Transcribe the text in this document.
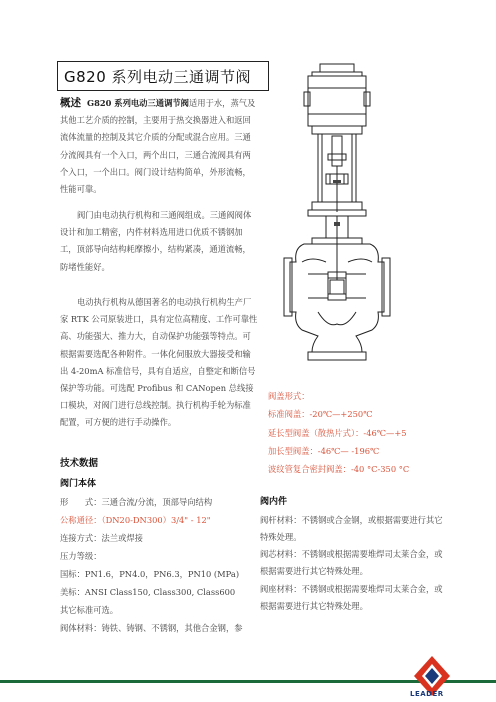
G820 系列电动三通调节阀
概述 G820 系列电动三通调节阀适用于水，蒸气及其他工艺介质的控制，主要用于热交换器进入和返回流体流量的控制及其它介质的分配或混合应用。三通分流阀具有一个入口，两个出口，三通合流阀具有两个入口，一个出口。阀门设计结构简单，外形流畅，性能可靠。
阀门由电动执行机构和三通阀组成。三通阀阀体设计和加工精密，内件材料选用进口优质不锈钢加工，顶部导向结构耗摩擦小，结构紧凑，通道流畅，防堵性能好。
电动执行机构从德国著名的电动执行机构生产厂家 RTK 公司原装进口，具有定位高精度、工作可靠性高、功能强大、推力大，自动保护功能强等特点。可根据需要选配各种附件。一体化伺服放大器接受和输出 4-20mA 标准信号，具有自适应，自整定和断信号保护等功能。可选配 Profibus 和 CANopen 总线接口模块，对阀门进行总线控制。执行机构手轮为标准配置，可方便的进行手动操作。
技术数据
阀门本体
形　　式：三通合流/分流，顶部导向结构
公称通径：（DN20-DN300）3/4" - 12"
连接方式：法兰或焊接
压力等级：
国标：PN1.6，PN4.0，PN6.3，PN10 (MPa)
美标：ANSI Class150, Class300, Class600
其它标准可选。
阀体材料：铸铁、铸钢、不锈钢，其他合金钢，参
阀盖形式：
标准阀盖：-20℃—+250℃
延长型阀盖（散热片式）：-46℃—+5
加长型阀盖：-46℃— -196℃
波纹管复合密封阀盖：-40 °C-350 °C
阀内件
阀杆材料：不锈钢或合金钢，或根据需要进行其它特殊处理。
阀芯材料：不锈钢或根据需要堆焊司太莱合金，或根据需要进行其它特殊处理。
阀座材料：不锈钢或根据需要堆焊司太莱合金，或根据需要进行其它特殊处理。
LEADER
